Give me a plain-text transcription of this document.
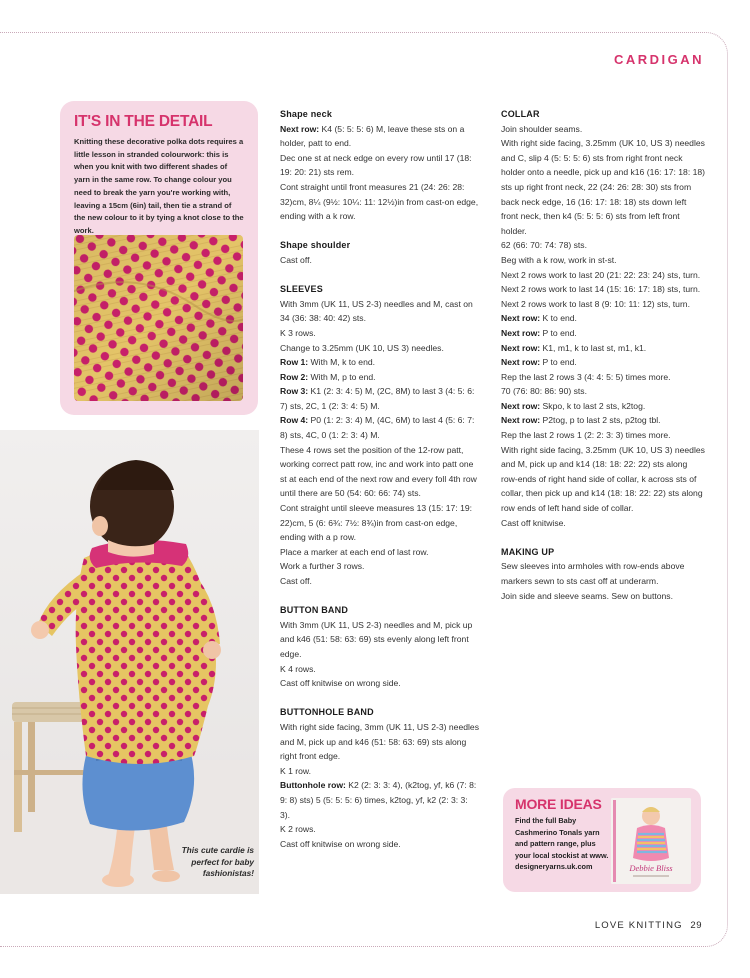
CARDIGAN
IT'S IN THE DETAIL

Knitting these decorative polka dots requires a little lesson in stranded colourwork: this is when you knit with two different shades of yarn in the same row. To change colour you need to break the yarn you're working with, leaving a 15cm (6in) tail, then tie a strand of the new colour to it by tying a knot close to the work.

This cute cardie is perfect for baby fashionistas!
Shape neck
Next row: K4 (5: 5: 5: 6) M, leave these sts on a holder, patt to end.
Dec one st at neck edge on every row until 17 (18: 19: 20: 21) sts rem.
Cont straight until front measures 21 (24: 26: 28: 32)cm, 8¼ (9½: 10¼: 11: 12½)in from cast-on edge, ending with a k row.
Shape shoulder
Cast off.
SLEEVES
With 3mm (UK 11, US 2-3) needles and M, cast on 34 (36: 38: 40: 42) sts.
K 3 rows.
Change to 3.25mm (UK 10, US 3) needles.
Row 1: With M, k to end.
Row 2: With M, p to end.
Row 3: K1 (2: 3: 4: 5) M, (2C, 8M) to last 3 (4: 5: 6: 7) sts, 2C, 1 (2: 3: 4: 5) M.
Row 4: P0 (1: 2: 3: 4) M, (4C, 6M) to last 4 (5: 6: 7: 8) sts, 4C, 0 (1: 2: 3: 4) M.
These 4 rows set the position of the 12-row patt, working correct patt row, inc and work into patt one st at each end of the next row and every foll 4th row until there are 50 (54: 60: 66: 74) sts.
Cont straight until sleeve measures 13 (15: 17: 19: 22)cm, 5 (6: 6¾: 7½: 8¾)in from cast-on edge, ending with a p row.
Place a marker at each end of last row.
Work a further 3 rows.
Cast off.
BUTTON BAND
With 3mm (UK 11, US 2-3) needles and M, pick up and k46 (51: 58: 63: 69) sts evenly along left front edge.
K 4 rows.
Cast off knitwise on wrong side.
BUTTONHOLE BAND
With right side facing, 3mm (UK 11, US 2-3) needles and M, pick up and k46 (51: 58: 63: 69) sts along right front edge.
K 1 row.
Buttonhole row: K2 (2: 3: 3: 4), (k2tog, yf, k6 (7: 8: 9: 8) sts) 5 (5: 5: 5: 6) times, k2tog, yf, k2 (2: 3: 3: 3).
K 2 rows.
Cast off knitwise on wrong side.
COLLAR
Join shoulder seams.
With right side facing, 3.25mm (UK 10, US 3) needles and C, slip 4 (5: 5: 5: 6) sts from right front neck holder onto a needle, pick up and k16 (16: 17: 18: 18) sts up right front neck, 22 (24: 26: 28: 30) sts from back neck edge, 16 (16: 17: 18: 18) sts down left front neck, then k4 (5: 5: 5: 6) sts from left front holder.
62 (66: 70: 74: 78) sts.
Beg with a k row, work in st-st.
Next 2 rows work to last 20 (21: 22: 23: 24) sts, turn.
Next 2 rows work to last 14 (15: 16: 17: 18) sts, turn.
Next 2 rows work to last 8 (9: 10: 11: 12) sts, turn.
Next row: K to end.
Next row: P to end.
Next row: K1, m1, k to last st, m1, k1.
Next row: P to end.
Rep the last 2 rows 3 (4: 4: 5: 5) times more.
70 (76: 80: 86: 90) sts.
Next row: Skpo, k to last 2 sts, k2tog.
Next row: P2tog, p to last 2 sts, p2tog tbl.
Rep the last 2 rows 1 (2: 2: 3: 3) times more.
With right side facing, 3.25mm (UK 10, US 3) needles and M, pick up and k14 (18: 18: 22: 22) sts along row-ends of right hand side of collar, k across sts of collar, then pick up and k14 (18: 18: 22: 22) sts along row ends of left hand side of collar.
Cast off knitwise.
MAKING UP
Sew sleeves into armholes with row-ends above markers sewn to sts cast off at underarm.
Join side and sleeve seams. Sew on buttons.
MORE IDEAS

Find the full Baby Cashmerino Tonals yarn and pattern range, plus your local stockist at www. designeryarns.uk.com	Debbie Bliss
LOVE KNITTING 29
